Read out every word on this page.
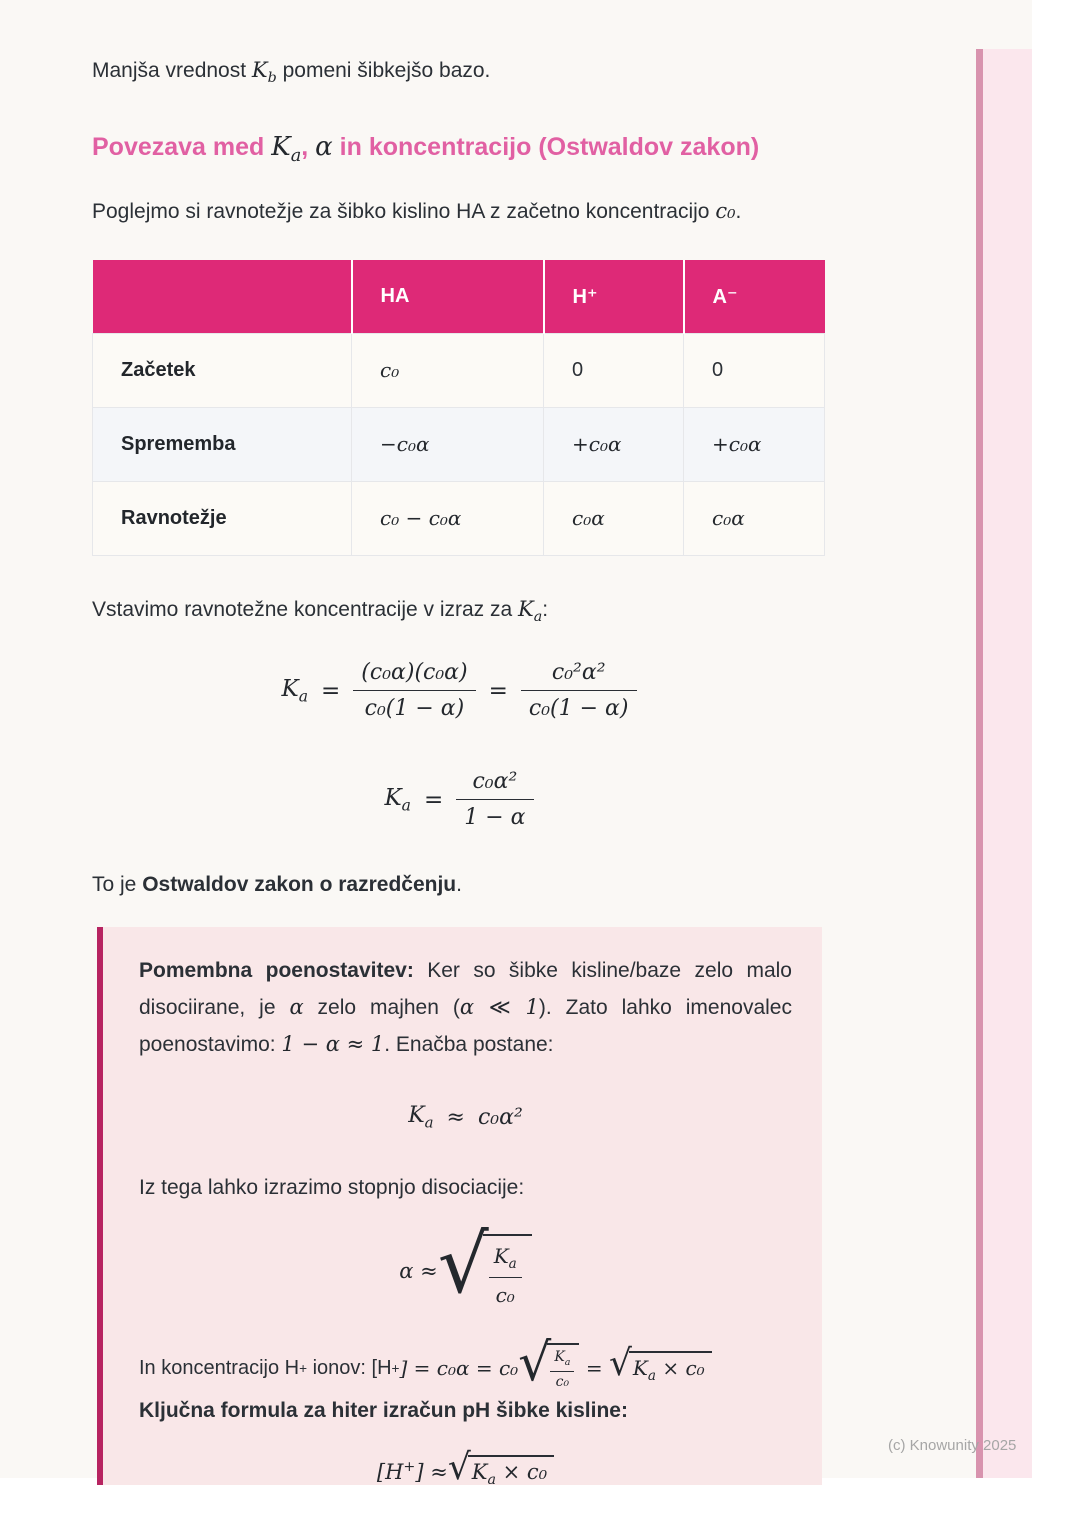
Manjša vrednost $K_b$ pomeni šibkejšo bazo.

Povezava med $K_a$, α in koncentracijo (Ostwaldov zakon)

Poglejmo si ravnotežje za šibko kislino HA z začetno koncentracijo c₀.

	HA	H⁺	A⁻
Začetek	c₀	0	0
Sprememba	−c₀α	+c₀α	+c₀α
Ravnotežje	c₀ − c₀α	c₀α	c₀α

Vstavimo ravnotežne koncentracije v izraz za $K_a$:

$K_a = \frac{\text{(c₀α)(c₀α)}}{\text{c₀(1 − α)}} = \frac{\text{c₀²α²}}{\text{c₀(1 − α)}}$
$K_a = \frac{\text{c₀α²}}{1 - \alpha}$

To je Ostwaldov zakon o razredčenju.

Pomembna poenostavitev: Ker so šibke kisline/baze zelo malo disociirane, je α zelo majhen (α ≪ 1). Zato lahko imenovalec poenostavimo: 1 − α ≈ 1. Enačba postane:

$K_a \approx c_0\alpha^2$

Iz tega lahko izrazimo stopnjo disociacije:

α ≈ √ $\frac{K_a}{\text{c₀}}$

In koncentracijo H + ionov: [H + ] = c₀α = c₀ √ $\frac{K_a}{\text{c₀}}$ = √ $K_a \times c_0$

Ključna formula za hiter izračun pH šibke kisline:

[H+] ≈ √ $K_a \times c_0$
(c) Knowunity 2025
